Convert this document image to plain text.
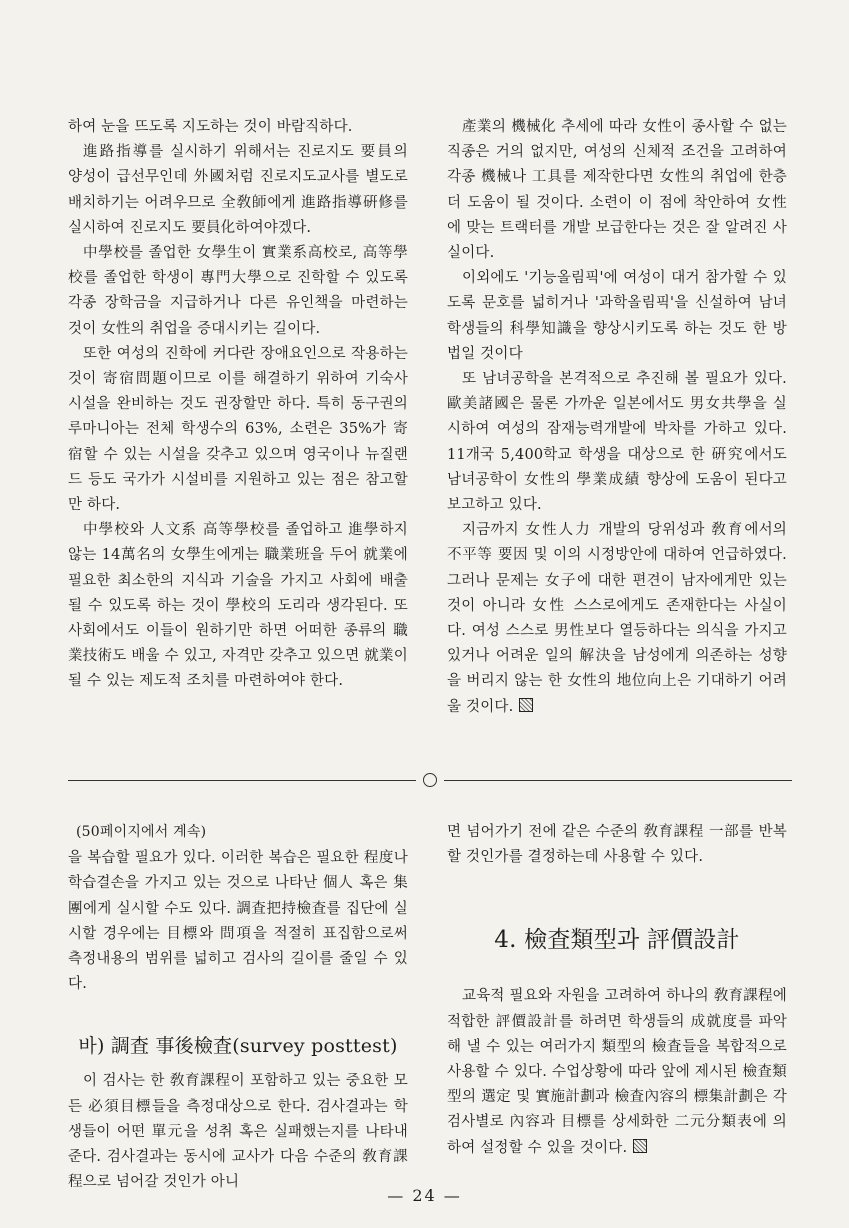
하여 눈을 뜨도록 지도하는 것이 바람직하다.

進路指導를 실시하기 위해서는 진로지도 要員의 양성이 급선무인데 外國처럼 진로지도교사를 별도로 배치하기는 어려우므로 全敎師에게 進路指導硏修를 실시하여 진로지도 要員化하여야겠다.

中學校를 졸업한 女學生이 實業系高校로, 高等學校를 졸업한 학생이 專門大學으로 진학할 수 있도록 각종 장학금을 지급하거나 다른 유인책을 마련하는 것이 女性의 취업을 증대시키는 길이다.

또한 여성의 진학에 커다란 장애요인으로 작용하는 것이 寄宿問題이므로 이를 해결하기 위하여 기숙사 시설을 완비하는 것도 권장할만 하다. 특히 동구권의 루마니아는 전체 학생수의 63%, 소련은 35%가 寄宿할 수 있는 시설을 갖추고 있으며 영국이나 뉴질랜드 등도 국가가 시설비를 지원하고 있는 점은 참고할만 하다.

中學校와 人文系 高等學校를 졸업하고 進學하지 않는 14萬名의 女學生에게는 職業班을 두어 就業에 필요한 최소한의 지식과 기술을 가지고 사회에 배출될 수 있도록 하는 것이 學校의 도리라 생각된다. 또 사회에서도 이들이 원하기만 하면 어떠한 종류의 職業技術도 배울 수 있고, 자격만 갖추고 있으면 就業이 될 수 있는 제도적 조치를 마련하여야 한다.

產業의 機械化 추세에 따라 女性이 종사할 수 없는 직종은 거의 없지만, 여성의 신체적 조건을 고려하여 각종 機械나 工具를 제작한다면 女性의 취업에 한층 더 도움이 될 것이다. 소련이 이 점에 착안하여 女性에 맞는 트랙터를 개발 보급한다는 것은 잘 알려진 사실이다.

이외에도 '기능올림픽'에 여성이 대거 참가할 수 있도록 문호를 넓히거나 '과학올림픽'을 신설하여 남녀 학생들의 科學知識을 향상시키도록 하는 것도 한 방법일 것이다

또 남녀공학을 본격적으로 추진해 볼 필요가 있다. 歐美諸國은 물론 가까운 일본에서도 男女共學을 실시하여 여성의 잠재능력개발에 박차를 가하고 있다. 11개국 5,400학교 학생을 대상으로 한 硏究에서도 남녀공학이 女性의 學業成績 향상에 도움이 된다고 보고하고 있다.

지금까지 女性人力 개발의 당위성과 敎育에서의 不平等 要因 및 이의 시정방안에 대하여 언급하였다. 그러나 문제는 女子에 대한 편견이 남자에게만 있는 것이 아니라 女性 스스로에게도 존재한다는 사실이다. 여성 스스로 男性보다 열등하다는 의식을 가지고 있거나 어려운 일의 解決을 남성에게 의존하는 성향을 버리지 않는 한 女性의 地位向上은 기대하기 어려울 것이다.

(50페이지에서 계속)

을 복습할 필요가 있다. 이러한 복습은 필요한 程度나 학습결손을 가지고 있는 것으로 나타난 個人 혹은 集團에게 실시할 수도 있다. 調査把持檢査를 집단에 실시할 경우에는 目標와 問項을 적절히 표집함으로써 측정내용의 범위를 넓히고 검사의 길이를 줄일 수 있다.

바) 調査 事後檢査(survey posttest)

이 검사는 한 敎育課程이 포함하고 있는 중요한 모든 必須目標들을 측정대상으로 한다. 검사결과는 학생들이 어떤 單元을 성취 혹은 실패했는지를 나타내준다. 검사결과는 동시에 교사가 다음 수준의 敎育課程으로 넘어갈 것인가 아니

면 넘어가기 전에 같은 수준의 敎育課程 一部를 반복할 것인가를 결정하는데 사용할 수 있다.

4. 檢査類型과 評價設計

교육적 필요와 자원을 고려하여 하나의 敎育課程에 적합한 評價設計를 하려면 학생들의 成就度를 파악해 낼 수 있는 여러가지 類型의 檢査들을 복합적으로 사용할 수 있다. 수업상황에 따라 앞에 제시된 檢査類型의 選定 및 實施計劃과 檢査內容의 標集計劃은 각 검사별로 內容과 目標를 상세화한 二元分類表에 의하여 설정할 수 있을 것이다.

— 24 —
